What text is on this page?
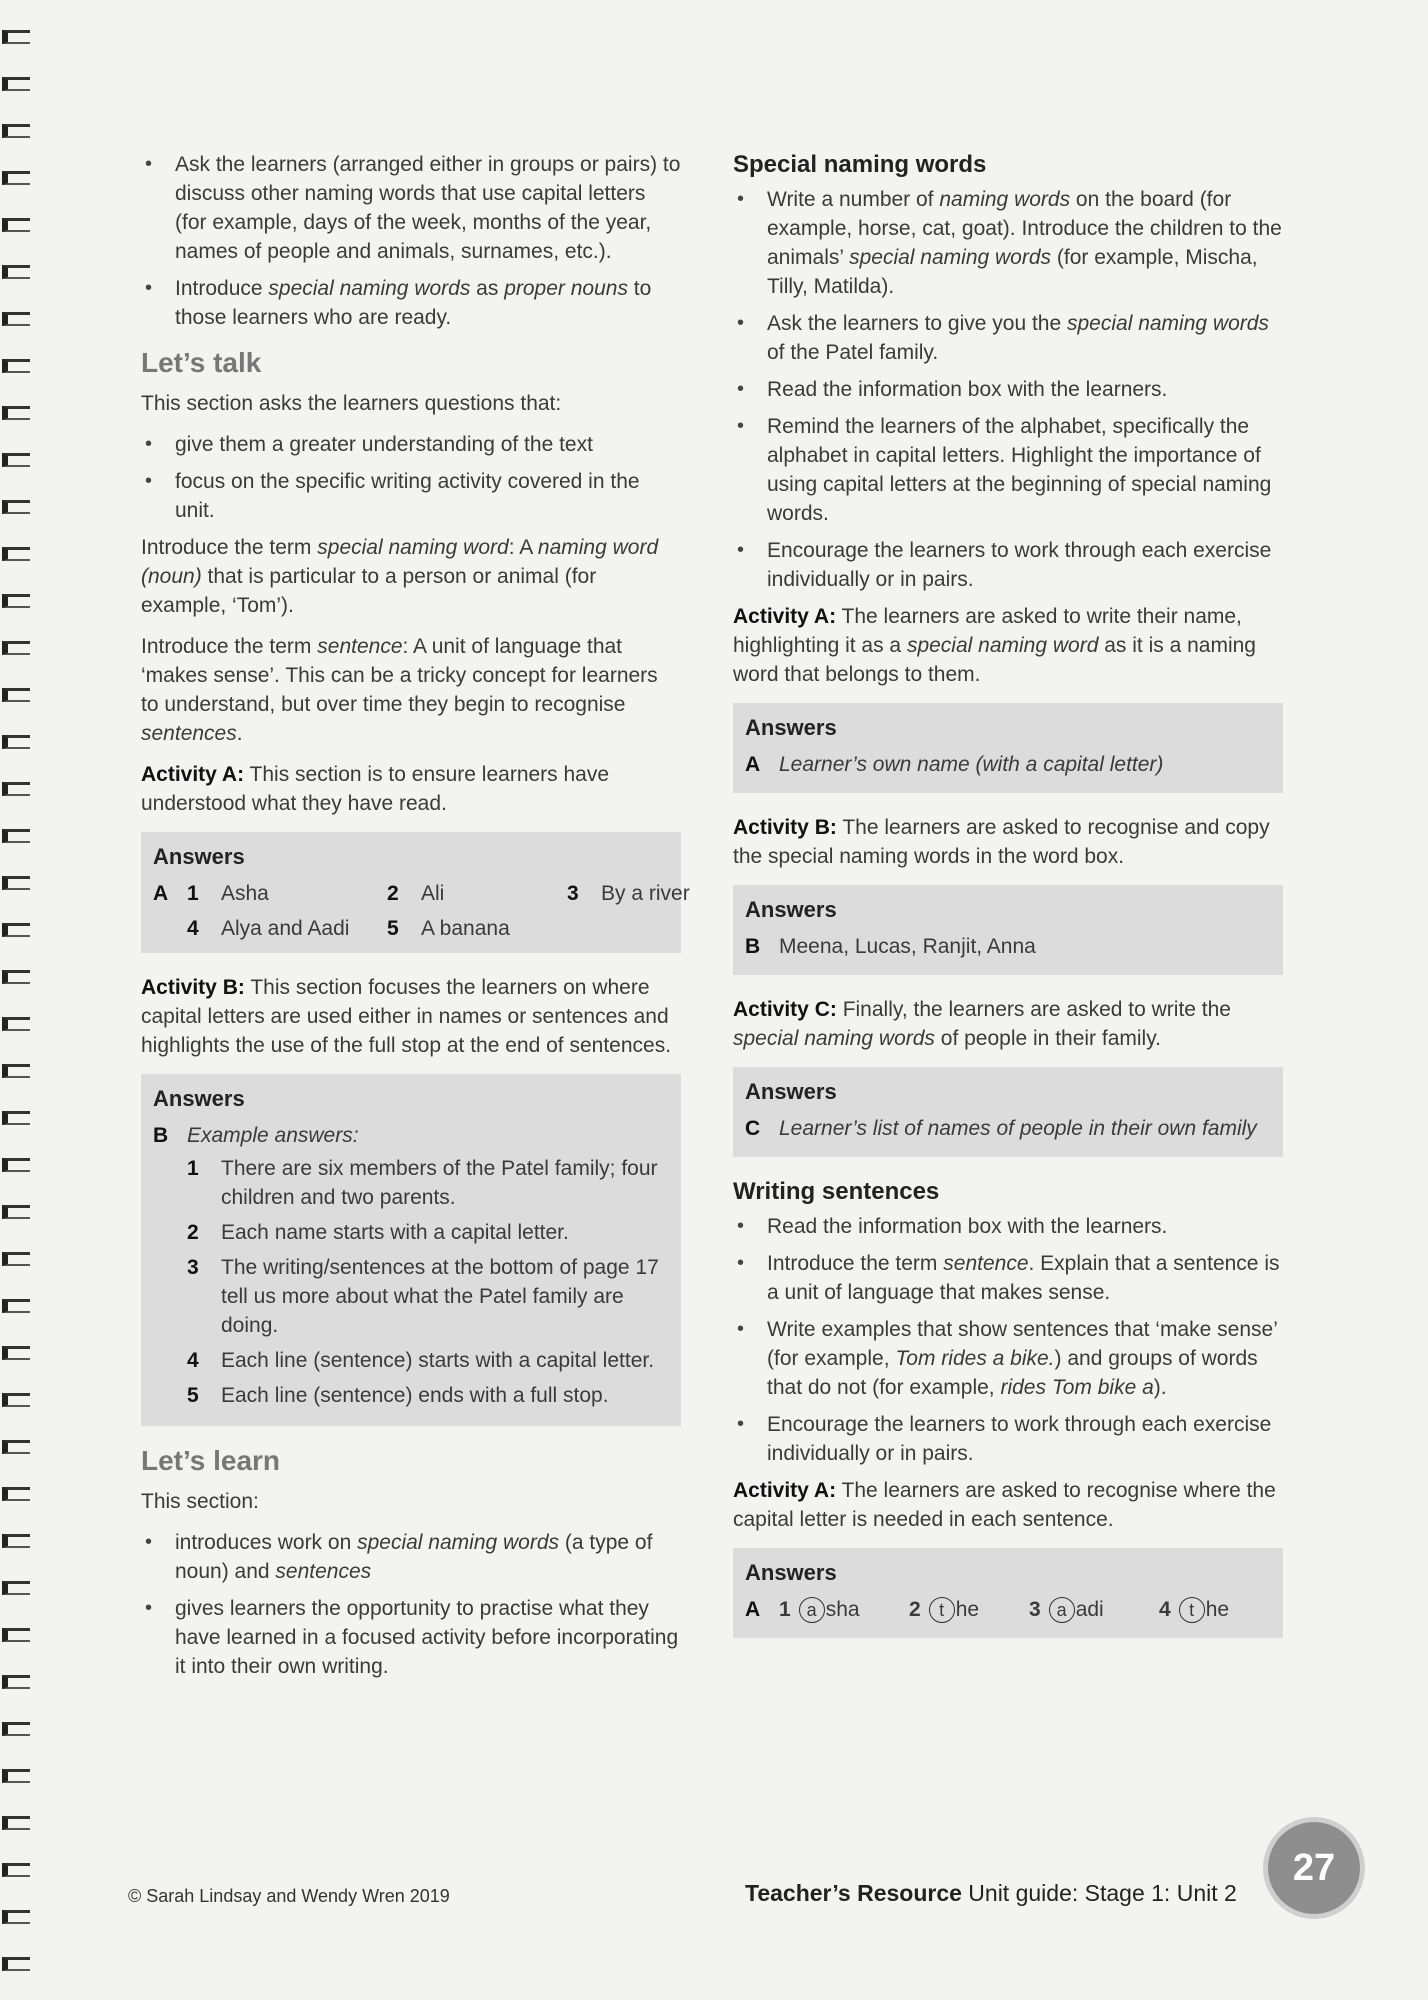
• Ask the learners (arranged either in groups or pairs) to discuss other naming words that use capital letters (for example, days of the week, months of the year, names of people and animals, surnames, etc.).
• Introduce special naming words as proper nouns to those learners who are ready.
Let’s talk

This section asks the learners questions that:

• give them a greater understanding of the text
• focus on the specific writing activity covered in the unit.

Introduce the term special naming word: A naming word (noun) that is particular to a person or animal (for example, ‘Tom’).

Introduce the term sentence: A unit of language that ‘makes sense’. This can be a tricky concept for learners to understand, but over time they begin to recognise sentences.

Activity A: This section is to ensure learners have understood what they have read.

Answers
A 1	Asha	2	Ali	3	By a river
4	Alya and Aadi 5	A banana

Activity B: This section focuses the learners on where capital letters are used either in names or sentences and highlights the use of the full stop at the end of sentences.

Answers
B Example answers:
1	There are six members of the Patel family; four children and two parents.
2	Each name starts with a capital letter.
3	The writing/sentences at the bottom of page 17 tell us more about what the Patel family are doing.
4	Each line (sentence) starts with a capital letter.
5	Each line (sentence) ends with a full stop.
Let’s learn

This section:

• introduces work on special naming words (a type of noun) and sentences
• gives learners the opportunity to practise what they have learned in a focused activity before incorporating it into their own writing.
Special naming words
• Write a number of naming words on the board (for example, horse, cat, goat). Introduce the children to the animals’ special naming words (for example, Mischa, Tilly, Matilda).
• Ask the learners to give you the special naming words of the Patel family.
• Read the information box with the learners.
• Remind the learners of the alphabet, specifically the alphabet in capital letters. Highlight the importance of using capital letters at the beginning of special naming words.
• Encourage the learners to work through each exercise individually or in pairs.

Activity A: The learners are asked to write their name, highlighting it as a special naming word as it is a naming word that belongs to them.

Answers
A Learner’s own name (with a capital letter)

Activity B: The learners are asked to recognise and copy the special naming words in the word box.

Answers
B Meena, Lucas, Ranjit, Anna

Activity C: Finally, the learners are asked to write the special naming words of people in their family.

Answers
C Learner’s list of names of people in their own family
Writing sentences
• Read the information box with the learners.
• Introduce the term sentence. Explain that a sentence is a unit of language that makes sense.
• Write examples that show sentences that ‘make sense’ (for example, Tom rides a bike.) and groups of words that do not (for example, rides Tom bike a).
• Encourage the learners to work through each exercise individually or in pairs.

Activity A: The learners are asked to recognise where the capital letter is needed in each sentence.

Answers
A 1 a sha 2	t he 3 a adi	4	t he
© Sarah Lindsay and Wendy Wren 2019	Teacher’s Resource Unit guide: Stage 1: Unit 2
27
